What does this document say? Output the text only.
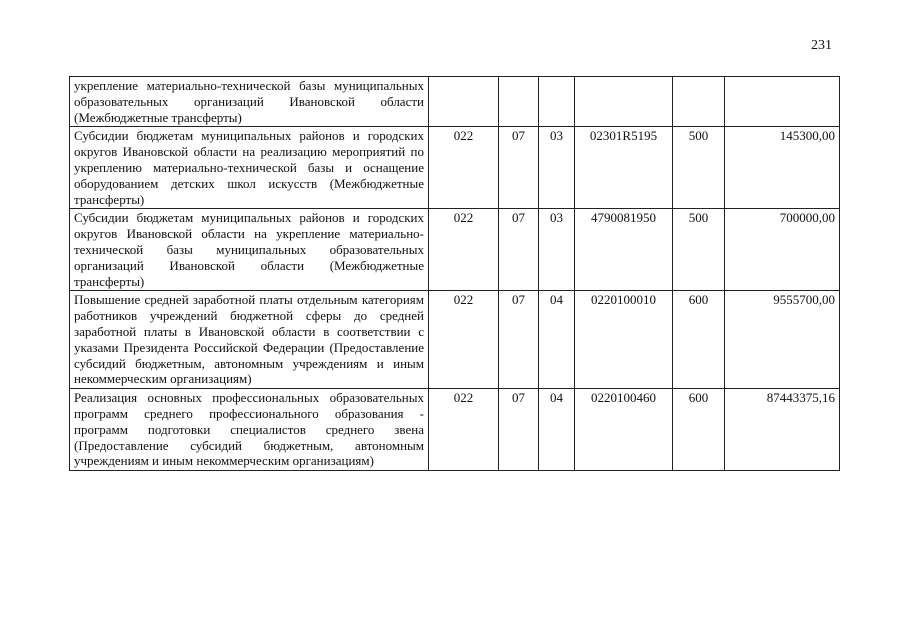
231
укрепление материально-технической базы муниципальных образовательных организаций Ивановской области (Межбюджетные трансферты)						
Субсидии бюджетам муниципальных районов и городских округов Ивановской области на реализацию мероприятий по укреплению материально-технической базы и оснащение оборудованием детских школ искусств (Межбюджетные трансферты)	022	07	03	02301R5195	500	145300,00
Субсидии бюджетам муниципальных районов и городских округов Ивановской области на укрепление материально-технической базы муниципальных образовательных организаций Ивановской области (Межбюджетные трансферты)	022	07	03	4790081950	500	700000,00
Повышение средней заработной платы отдельным категориям работников учреждений бюджетной сферы до средней заработной платы в Ивановской области в соответствии с указами Президента Российской Федерации (Предоставление субсидий бюджетным, автономным учреждениям и иным некоммерческим организациям)	022	07	04	0220100010	600	9555700,00
Реализация основных профессиональных образовательных программ среднего профессионального образования - программ подготовки специалистов среднего звена (Предоставление субсидий бюджетным, автономным учреждениям и иным некоммерческим организациям)	022	07	04	0220100460	600	87443375,16
